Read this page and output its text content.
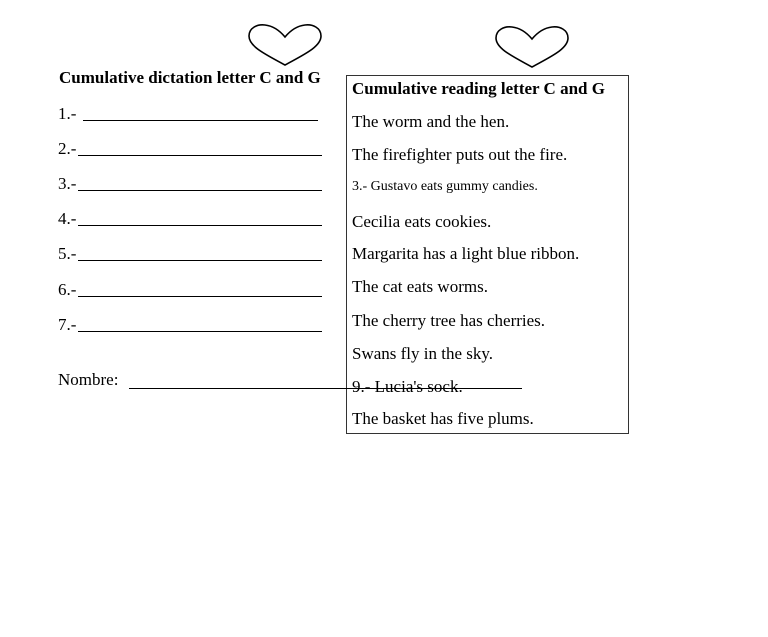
Cumulative dictation letter C and G
1.-
2.-
3.-
4.-
5.-
6.-
7.-
Cumulative reading letter C and G
The worm and the hen.
The firefighter puts out the fire.
3.- Gustavo eats gummy candies.
Cecilia eats cookies.
Margarita has a light blue ribbon.
The cat eats worms.
The cherry tree has cherries.
Swans fly in the sky.
9.- Lucia's sock.
The basket has five plums.
Nombre:
